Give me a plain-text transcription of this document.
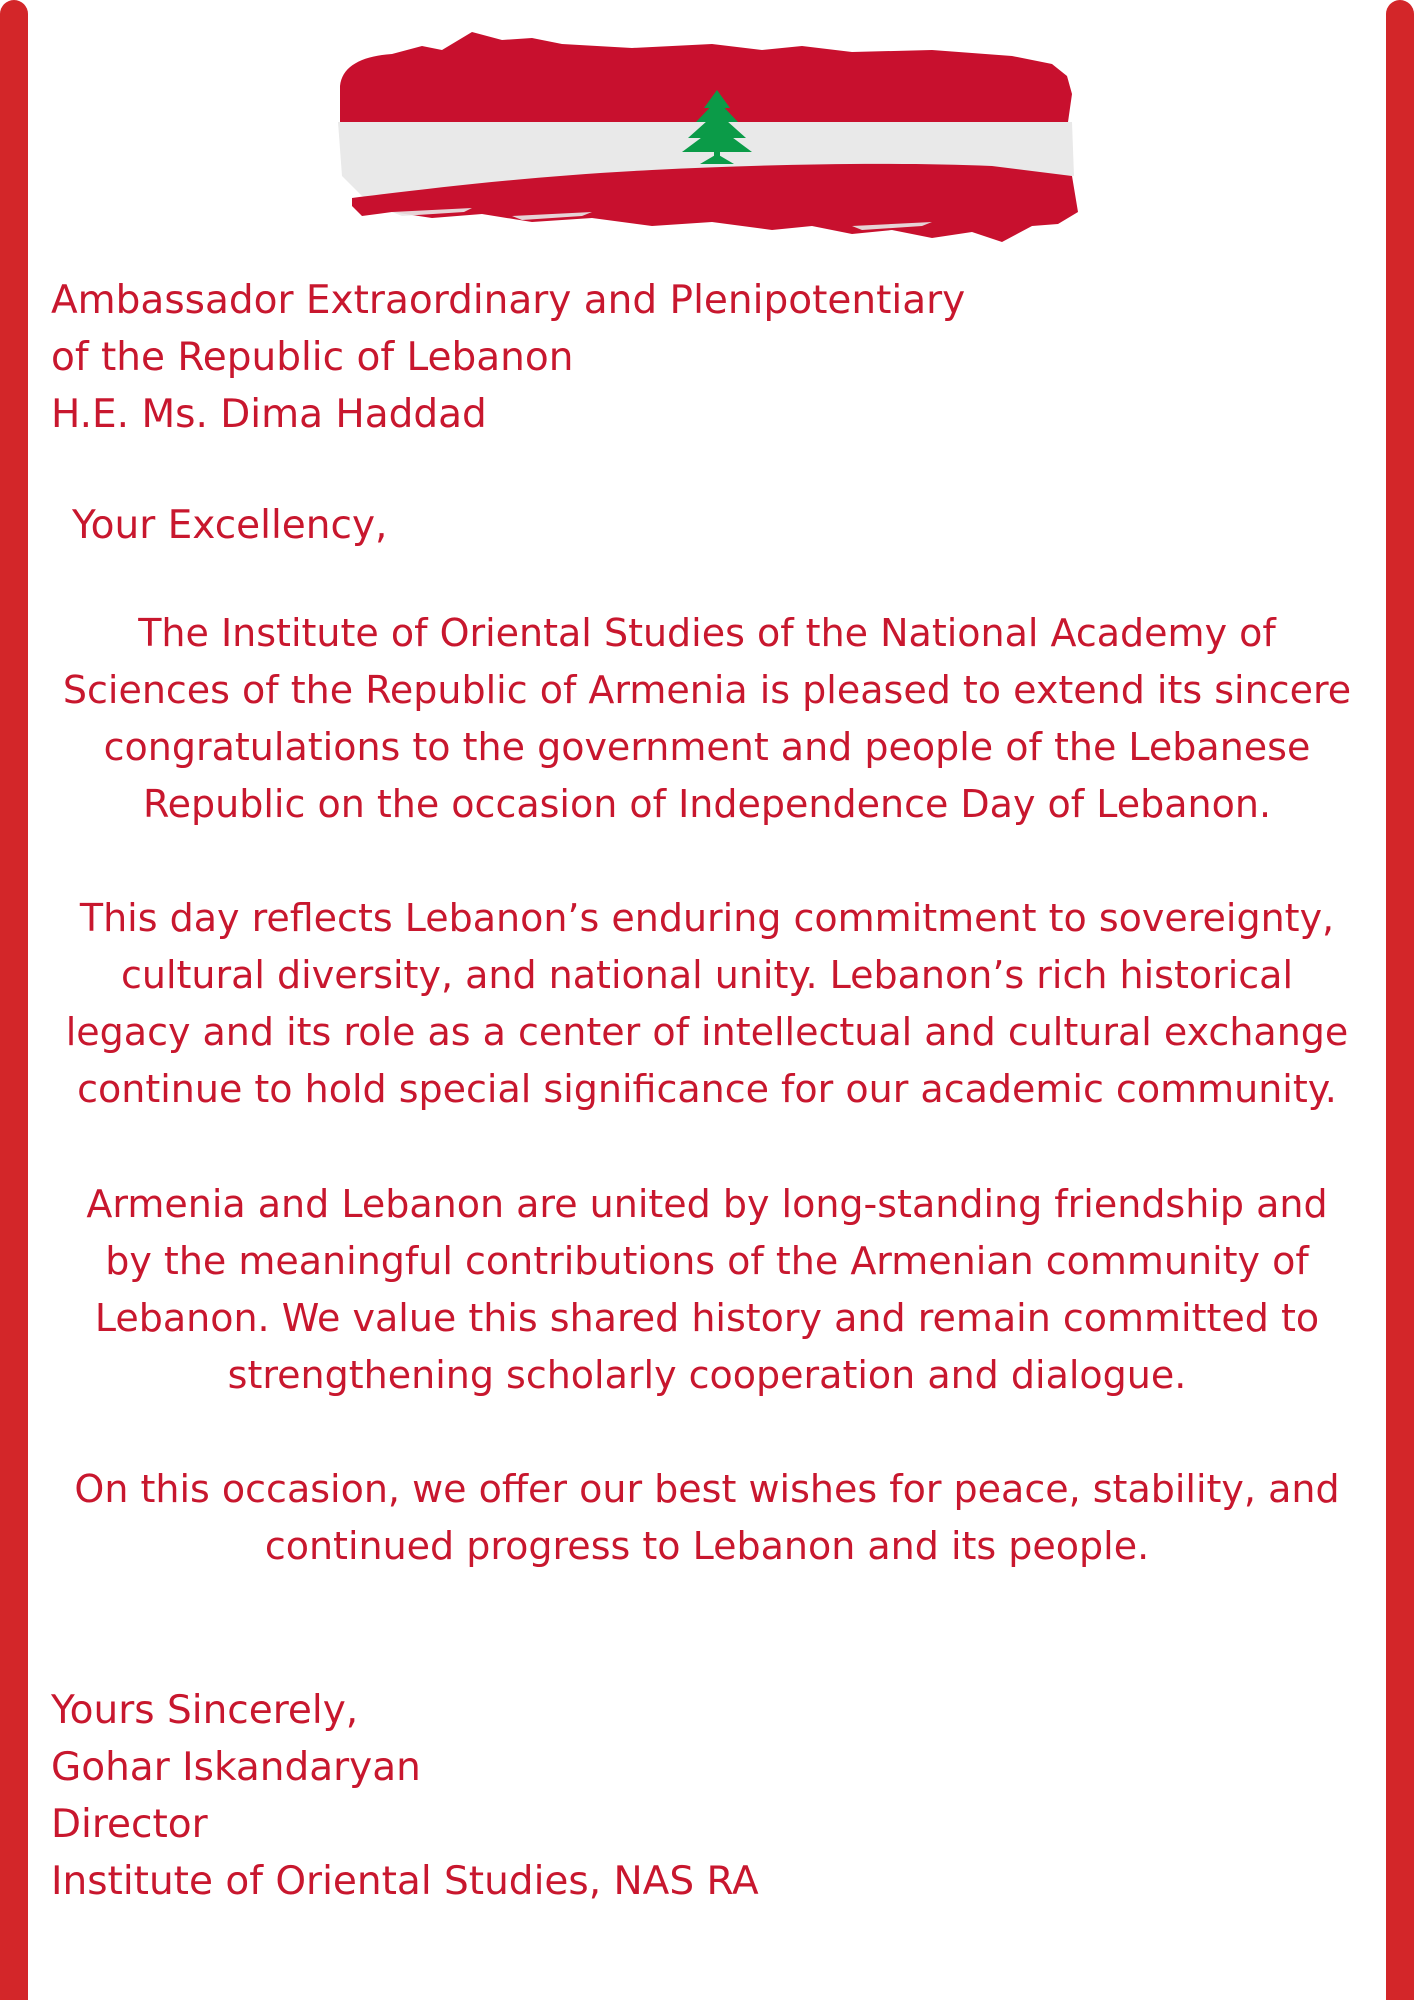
Ambassador Extraordinary and Plenipotentiary
of the Republic of Lebanon
H.E. Ms. Dima Haddad
Your Excellency,
The Institute of Oriental Studies of the National Academy of
Sciences of the Republic of Armenia is pleased to extend its sincere
congratulations to the government and people of the Lebanese
Republic on the occasion of Independence Day of Lebanon.
This day reflects Lebanon’s enduring commitment to sovereignty,
cultural diversity, and national unity. Lebanon’s rich historical
legacy and its role as a center of intellectual and cultural exchange
continue to hold special significance for our academic community.
Armenia and Lebanon are united by long-standing friendship and
by the meaningful contributions of the Armenian community of
Lebanon. We value this shared history and remain committed to
strengthening scholarly cooperation and dialogue.
On this occasion, we offer our best wishes for peace, stability, and
continued progress to Lebanon and its people.
Yours Sincerely,
Gohar Iskandaryan
Director
Institute of Oriental Studies, NAS RA
